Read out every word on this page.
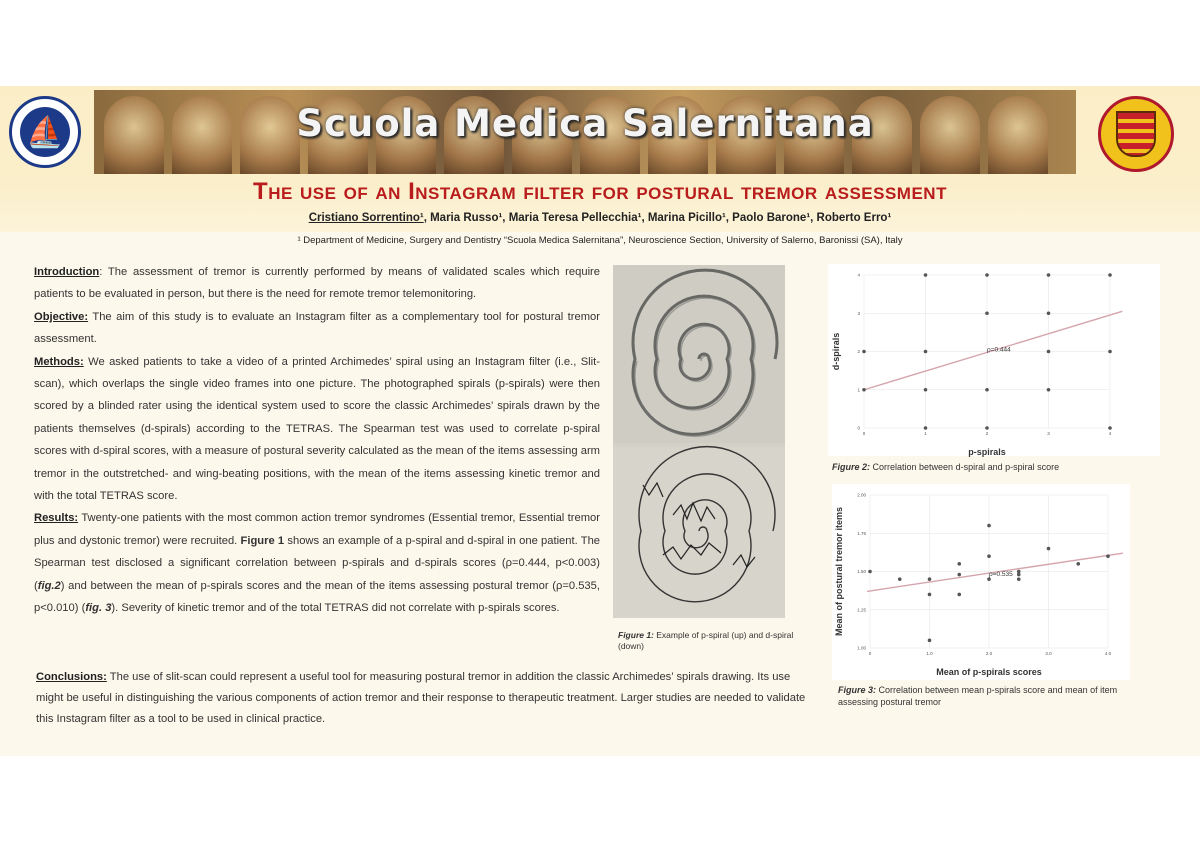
Scuola Medica Salernitana
⛵
The use of an Instagram filter for postural tremor assessment
Cristiano Sorrentino¹, Maria Russo¹, Maria Teresa Pellecchia¹, Marina Picillo¹, Paolo Barone¹, Roberto Erro¹
¹ Department of Medicine, Surgery and Dentistry “Scuola Medica Salernitana”, Neuroscience Section, University of Salerno, Baronissi (SA), Italy

Introduction: The assessment of tremor is currently performed by means of validated scales which require patients to be evaluated in person, but there is the need for remote tremor telemonitoring.

Objective: The aim of this study is to evaluate an Instagram filter as a complementary tool for postural tremor assessment.

Methods: We asked patients to take a video of a printed Archimedes’ spiral using an Instagram filter (i.e., Slit-scan), which overlaps the single video frames into one picture. The photographed spirals (p-spirals) were then scored by a blinded rater using the identical system used to score the classic Archimedes’ spirals drawn by the patients themselves (d-spirals) according to the TETRAS. The Spearman test was used to correlate p-spiral scores with d-spiral scores, with a measure of postural severity calculated as the mean of the items assessing arm tremor in the outstretched- and wing-beating positions, with the mean of the items assessing kinetic tremor and with the total TETRAS score.

Results: Twenty-one patients with the most common action tremor syndromes (Essential tremor, Essential tremor plus and dystonic tremor) were recruited. Figure 1 shows an example of a p-spiral and d-spiral in one patient. The Spearman test disclosed a significant correlation between p-spirals and d-spirals scores (ρ=0.444, p<0.003) (fig.2) and between the mean of p-spirals scores and the mean of the items assessing postural tremor (ρ=0.535, p<0.010) (fig. 3). Severity of kinetic tremor and of the total TETRAS did not correlate with p-spirals scores.

Conclusions: The use of slit-scan could represent a useful tool for measuring postural tremor in addition the classic Archimedes’ spirals drawing. Its use might be useful in distinguishing the various components of action tremor and their response to therapeutic treatment. Larger studies are needed to validate this Instagram filter as a tool to be used in clinical practice.
Figure 1: Example of p-spiral (up) and d-spiral (down)
0	1	2	3	4
0
1
2
3
4
ρ=0.444
p-spirals
d-spirals
Figure 2: Correlation between d-spiral and p-spiral score
0	1.0	2.0	3.0	4.0
1.00
1.25
1.50
1.75
2.00
ρ=0.535
Mean of p-spirals scores
Mean of postural tremor items
Figure 3: Correlation between mean p-spirals score and mean of item assessing postural tremor
